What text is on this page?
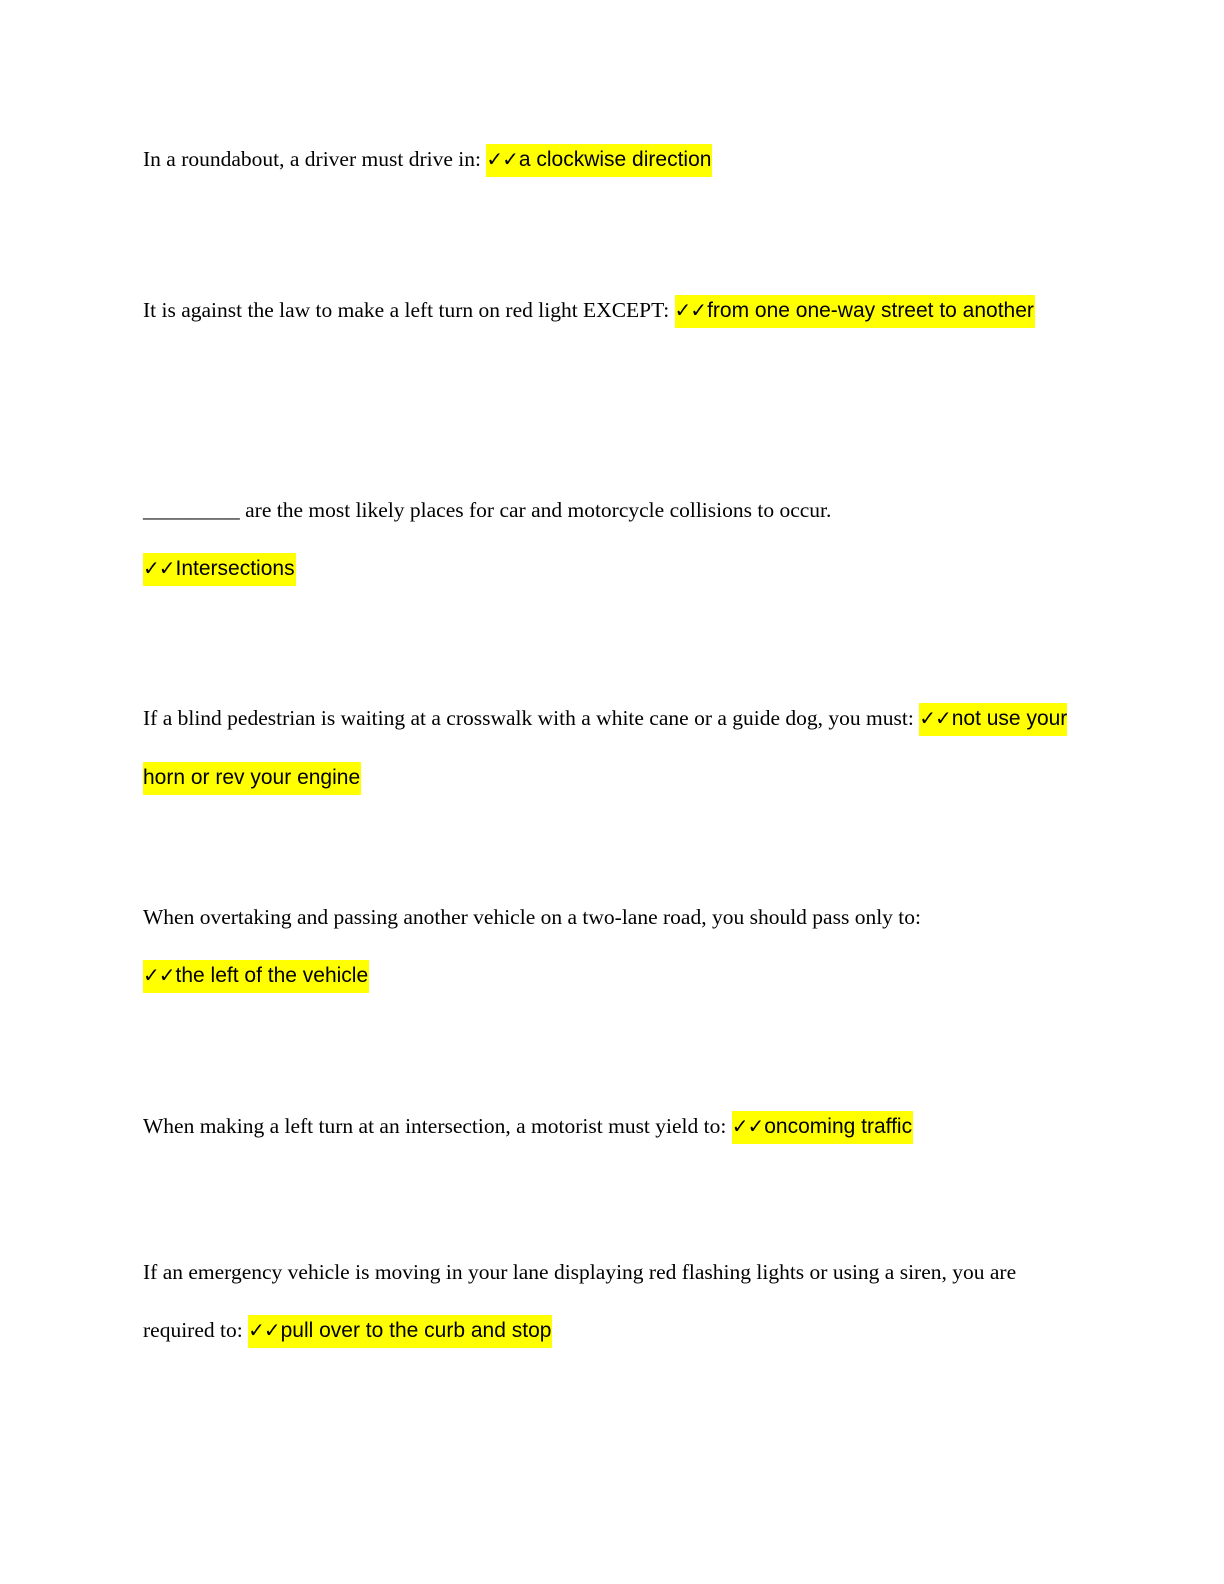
In a roundabout, a driver must drive in: ✓✓a clockwise direction

It is against the law to make a left turn on red light EXCEPT: ✓✓from one one-way street to another

_________ are the most likely places for car and motorcycle collisions to occur.
✓✓Intersections

If a blind pedestrian is waiting at a crosswalk with a white cane or a guide dog, you must: ✓✓not use your horn or rev your engine

When overtaking and passing another vehicle on a two-lane road, you should pass only to:
✓✓the left of the vehicle

When making a left turn at an intersection, a motorist must yield to: ✓✓oncoming traffic

If an emergency vehicle is moving in your lane displaying red flashing lights or using a siren, you are required to: ✓✓pull over to the curb and stop
